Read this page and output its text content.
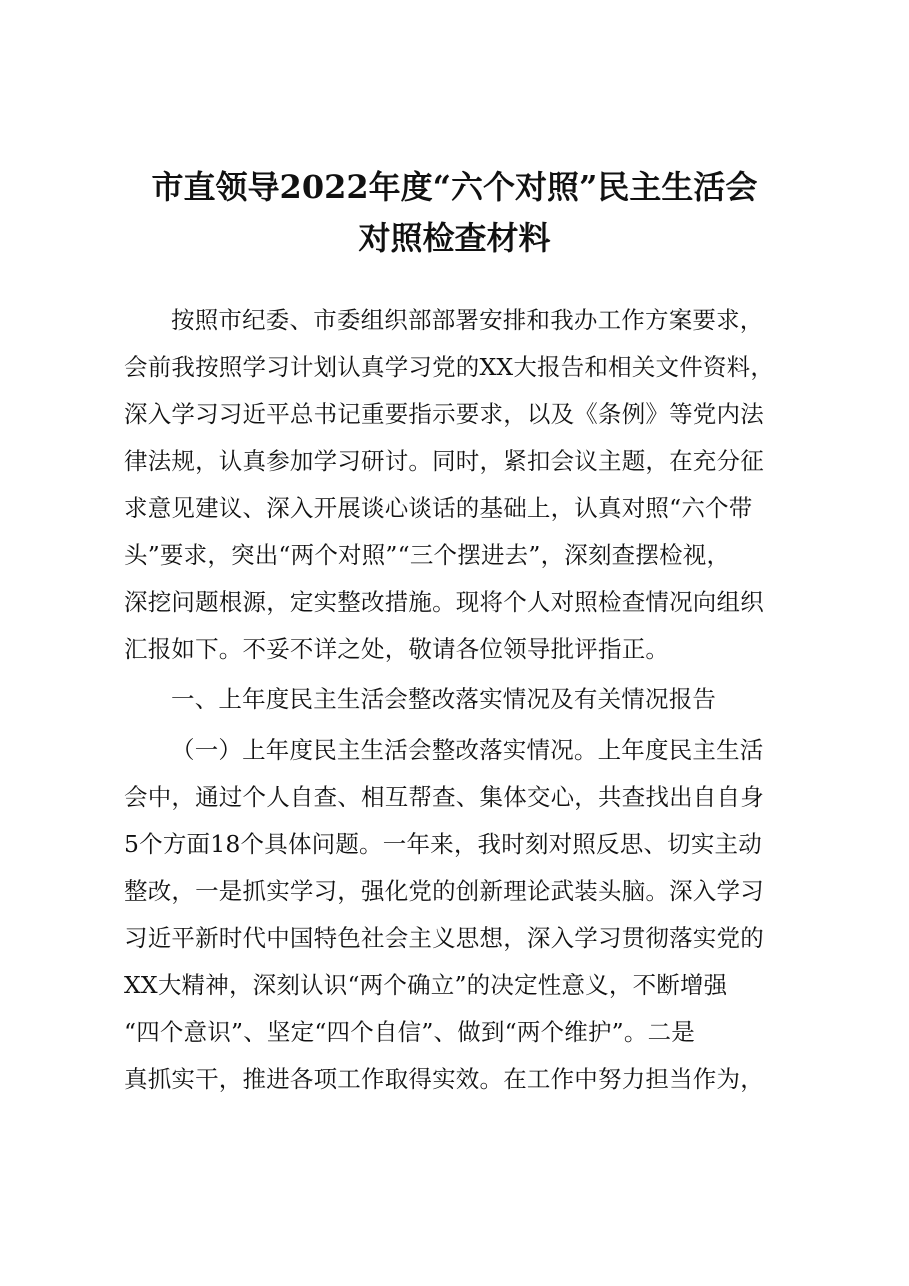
市直领导2022年度“六个对照”民主生活会
对照检查材料
按照市纪委、市委组织部部署安排和我办工作方案要求，
会前我按照学习计划认真学习党的XX大报告和相关文件资料，
深入学习习近平总书记重要指示要求，以及《条例》等党内法
律法规，认真参加学习研讨。同时，紧扣会议主题，在充分征
求意见建议、深入开展谈心谈话的基础上，认真对照“六个带
头”要求，突出“两个对照”“三个摆进去”，深刻查摆检视，
深挖问题根源，定实整改措施。现将个人对照检查情况向组织
汇报如下。不妥不详之处，敬请各位领导批评指正。
一、上年度民主生活会整改落实情况及有关情况报告
（一）上年度民主生活会整改落实情况。上年度民主生活
会中，通过个人自查、相互帮查、集体交心，共查找出自自身
5个方面18个具体问题。一年来，我时刻对照反思、切实主动
整改，一是抓实学习，强化党的创新理论武装头脑。深入学习
习近平新时代中国特色社会主义思想，深入学习贯彻落实党的
XX大精神，深刻认识“两个确立”的决定性意义，不断增强
“四个意识”、坚定“四个自信”、做到“两个维护”。二是
真抓实干，推进各项工作取得实效。在工作中努力担当作为，
